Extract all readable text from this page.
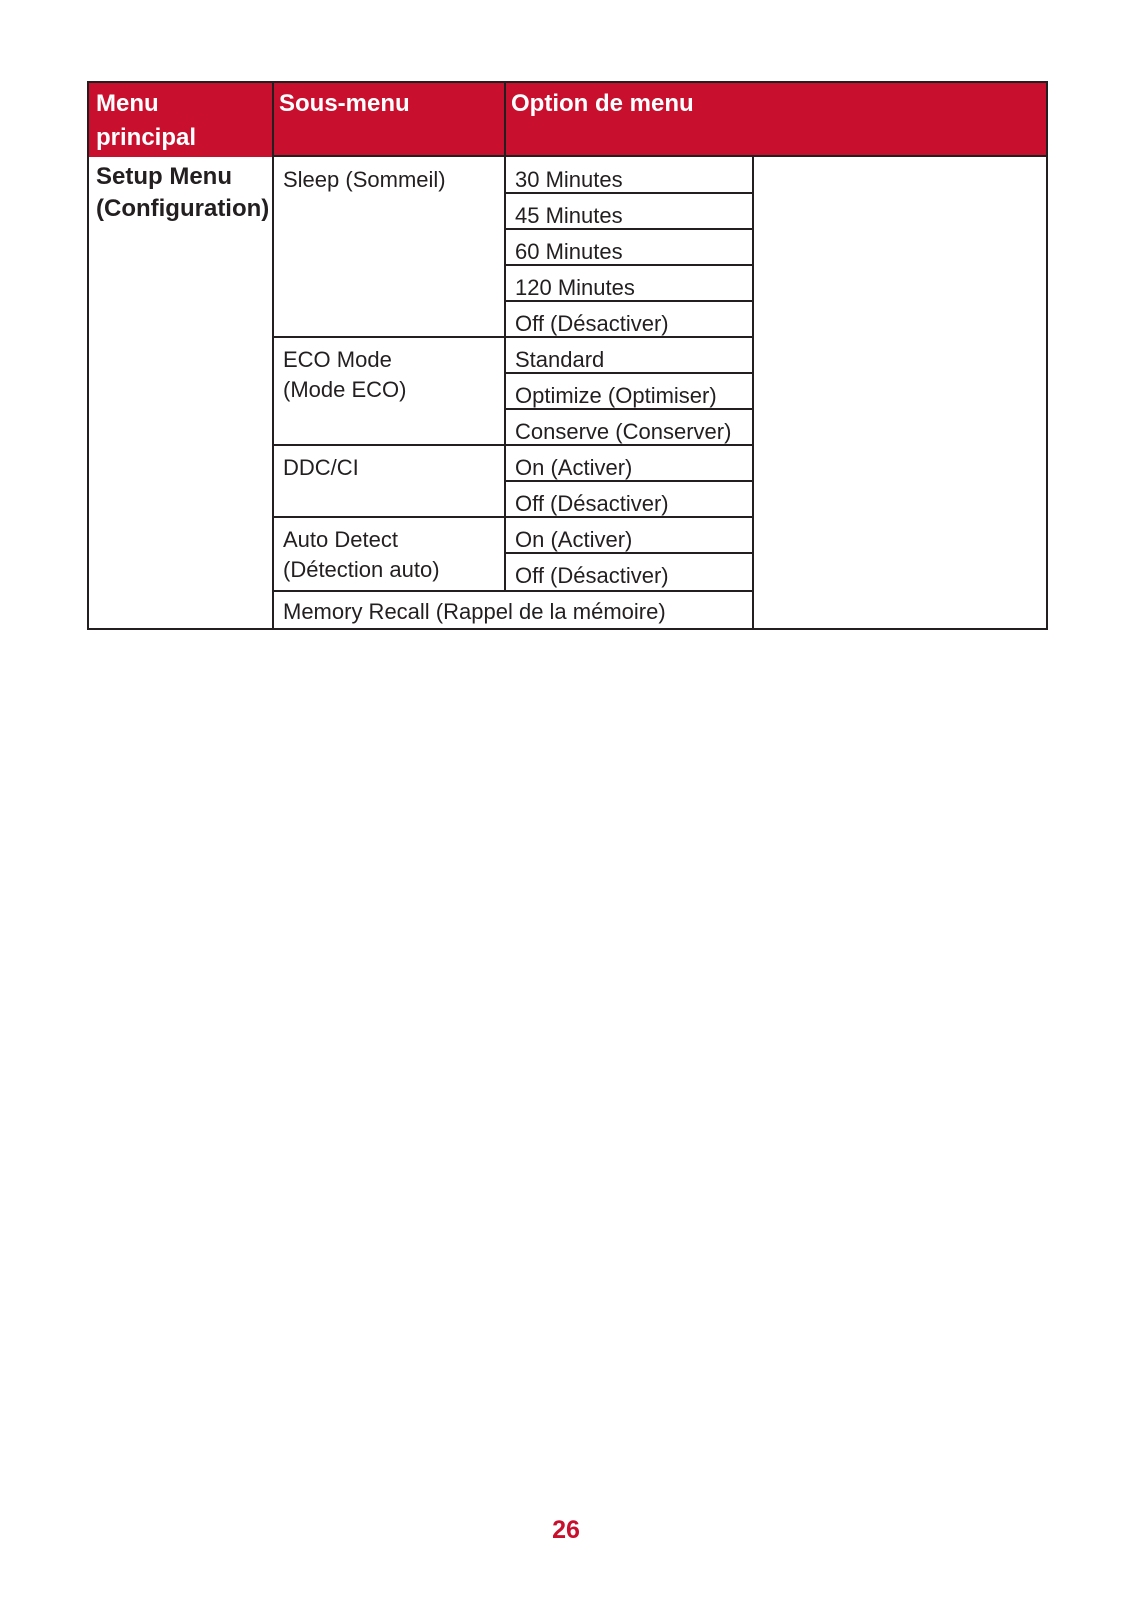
Menu principal
Sous-menu	Option de menu
Setup Menu
(Configuration)
Sleep (Sommeil)
ECO Mode
(Mode ECO)
DDC/CI
Auto Detect
(Détection auto)
30 Minutes
45 Minutes
60 Minutes
120 Minutes
Off (Désactiver)
Standard
Optimize (Optimiser)
Conserve (Conserver)
On (Activer)
Off (Désactiver)
On (Activer)
Off (Désactiver)
Memory Recall (Rappel de la mémoire)
26
